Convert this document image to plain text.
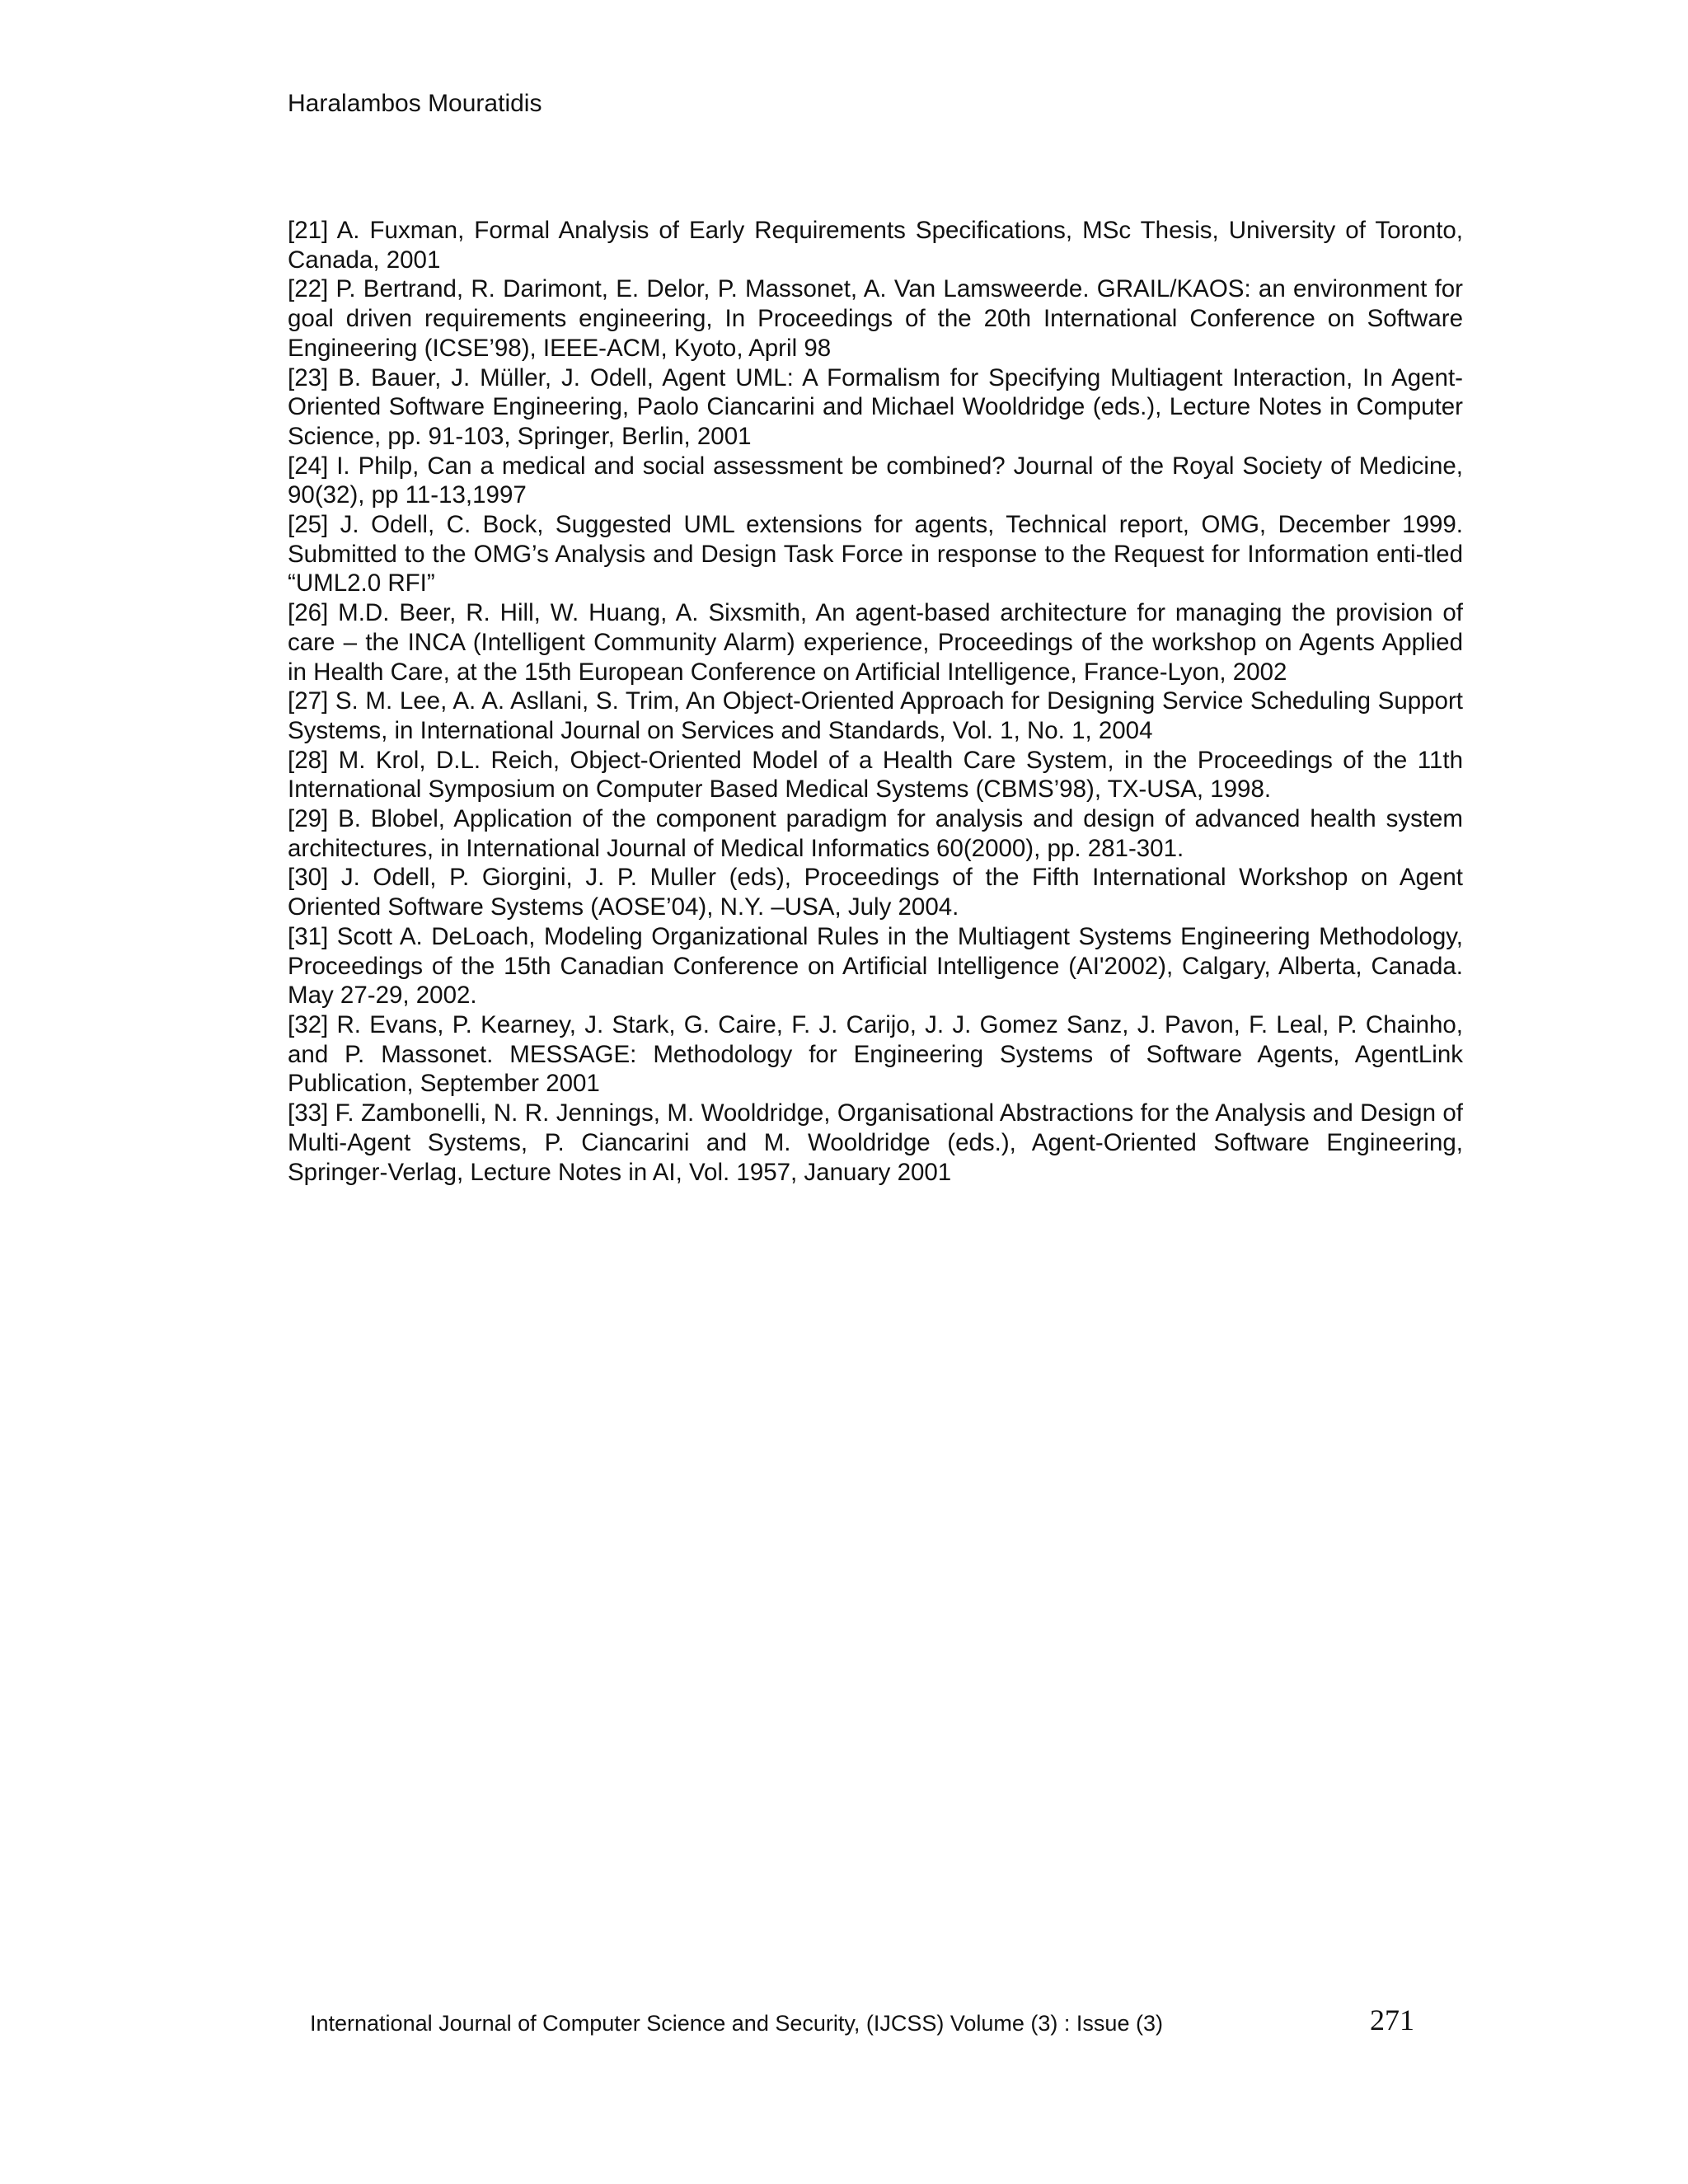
Haralambos Mouratidis

[21] A. Fuxman, Formal Analysis of Early Requirements Specifications, MSc Thesis, University of Toronto, Canada, 2001

[22] P. Bertrand, R. Darimont, E. Delor, P. Massonet, A. Van Lamsweerde. GRAIL/KAOS: an environment for goal driven requirements engineering, In Proceedings of the 20th International Conference on Software Engineering (ICSE’98), IEEE-ACM, Kyoto, April 98

[23] B. Bauer, J. Müller, J. Odell, Agent UML: A Formalism for Specifying Multiagent Interaction, In Agent-Oriented Software Engineering, Paolo Ciancarini and Michael Wooldridge (eds.), Lecture Notes in Computer Science, pp. 91-103, Springer, Berlin, 2001

[24] I. Philp, Can a medical and social assessment be combined? Journal of the Royal Society of Medicine, 90(32), pp 11-13,1997

[25] J. Odell, C. Bock, Suggested UML extensions for agents, Technical report, OMG, December 1999. Submitted to the OMG’s Analysis and Design Task Force in response to the Request for Information enti-tled “UML2.0 RFI”

[26] M.D. Beer, R. Hill, W. Huang, A. Sixsmith, An agent-based architecture for managing the provision of care – the INCA (Intelligent Community Alarm) experience, Proceedings of the workshop on Agents Applied in Health Care, at the 15th European Conference on Artificial Intelligence, France-Lyon, 2002

[27] S. M. Lee, A. A. Asllani, S. Trim, An Object-Oriented Approach for Designing Service Scheduling Support Systems, in International Journal on Services and Standards, Vol. 1, No. 1, 2004

[28] M. Krol, D.L. Reich, Object-Oriented Model of a Health Care System, in the Proceedings of the 11th International Symposium on Computer Based Medical Systems (CBMS’98), TX-USA, 1998.

[29] B. Blobel, Application of the component paradigm for analysis and design of advanced health system architectures, in International Journal of Medical Informatics 60(2000), pp. 281-301.

[30] J. Odell, P. Giorgini, J. P. Muller (eds), Proceedings of the Fifth International Workshop on Agent Oriented Software Systems (AOSE’04), N.Y. –USA, July 2004.

[31] Scott A. DeLoach, Modeling Organizational Rules in the Multiagent Systems Engineering Methodology, Proceedings of the 15th Canadian Conference on Artificial Intelligence (AI'2002), Calgary, Alberta, Canada. May 27-29, 2002.

[32] R. Evans, P. Kearney, J. Stark, G. Caire, F. J. Carijo, J. J. Gomez Sanz, J. Pavon, F. Leal, P. Chainho, and P. Massonet. MESSAGE: Methodology for Engineering Systems of Software Agents, AgentLink Publication, September 2001

[33] F. Zambonelli, N. R. Jennings, M. Wooldridge, Organisational Abstractions for the Analysis and Design of Multi-Agent Systems, P. Ciancarini and M. Wooldridge (eds.), Agent-Oriented Software Engineering, Springer-Verlag, Lecture Notes in AI, Vol. 1957, January 2001

International Journal of Computer Science and Security, (IJCSS) Volume (3) : Issue (3)	271
